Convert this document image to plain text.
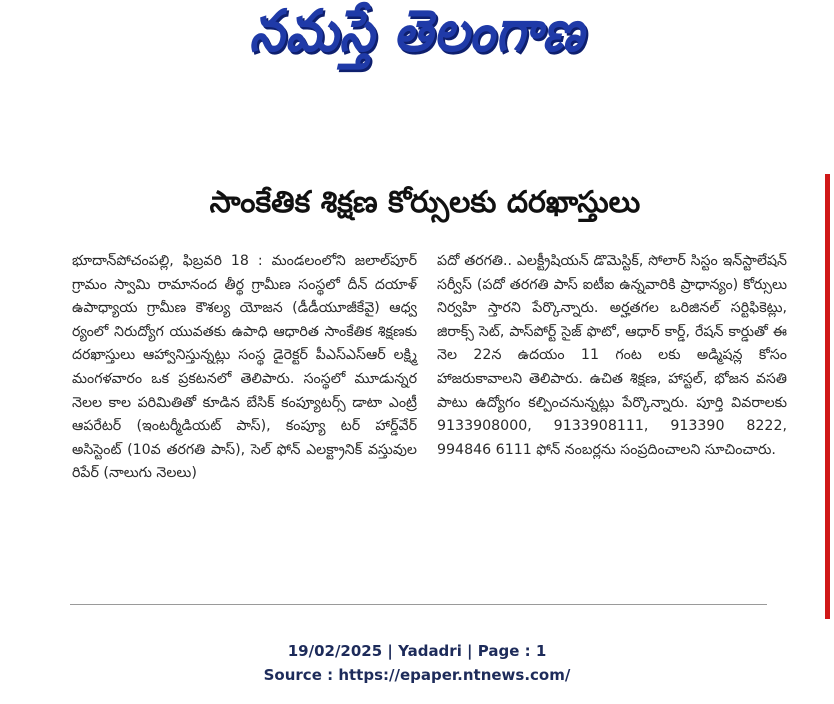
నమస్తే తెలంగాణ
సాంకేతిక శిక్షణ కోర్సులకు దరఖాస్తులు

భూదాన్‌పోచంపల్లి, ఫిబ్రవరి 18 : మండలంలోని జలాల్‌పూర్ గ్రామం స్వామి రామానంద తీర్థ గ్రామీణ సంస్థలో దీన్ దయాళ్ ఉపాధ్యాయ గ్రామీణ కౌశల్య యోజన (డీడీయూజీకేవై) ఆధ్వ ర్యంలో నిరుద్యోగ యువతకు ఉపాధి ఆధారిత సాంకేతిక శిక్షణకు దరఖాస్తులు ఆహ్వానిస్తున్నట్లు సంస్థ డైరెక్టర్ పీఎస్ఎస్ఆర్ లక్ష్మి మంగళవారం ఒక ప్రకటనలో తెలిపారు. సంస్థలో మూడున్నర నెలల కాల పరిమితితో కూడిన బేసిక్ కంప్యూటర్స్ డాటా ఎంట్రీ ఆపరేటర్ (ఇంటర్మీడియట్ పాస్), కంప్యూ టర్ హార్డ్‌వేర్ అసిస్టెంట్ (10వ తరగతి పాస్), సెల్ ఫోన్ ఎలక్ట్రానిక్ వస్తువుల రిపేర్ (నాలుగు నెలలు)

పదో తరగతి.. ఎలక్ట్రీషియన్ డొమెస్టిక్, సోలార్ సిస్టం ఇన్‌స్టాలేషన్ సర్వీస్ (పదో తరగతి పాస్ ఐటీఐ ఉన్నవారికి ప్రాధాన్యం) కోర్సులు నిర్వహి స్తారని పేర్కొన్నారు. అర్హతగల ఒరిజినల్ సర్టిఫికెట్లు, జిరాక్స్ సెట్, పాస్‌పోర్ట్ సైజ్ ఫొటో, ఆధార్ కార్డ్, రేషన్ కార్డుతో ఈ నెల 22న ఉదయం 11 గంట లకు అడ్మిషన్ల కోసం హాజరుకావాలని తెలిపారు. ఉచిత శిక్షణ, హాస్టల్, భోజన వసతి పాటు ఉద్యోగం కల్పించనున్నట్లు పేర్కొన్నారు. పూర్తి వివరాలకు 9133908000, 9133908111, 913390 8222, 994846 6111 ఫోన్ నంబర్లను సంప్రదించాలని సూచించారు.

19/02/2025 | Yadadri | Page : 1
Source : https://epaper.ntnews.com/
